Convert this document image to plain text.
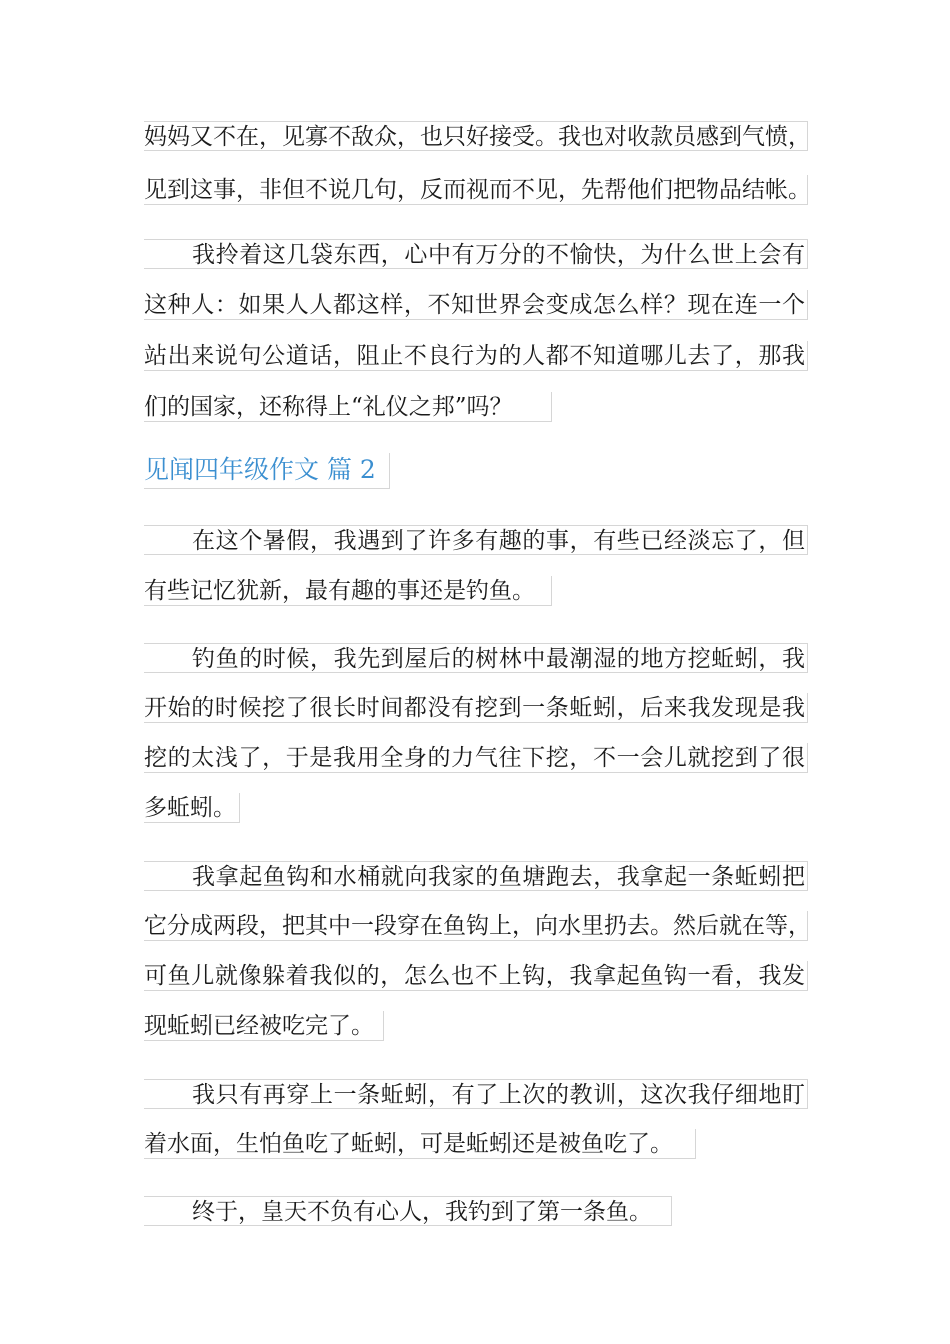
妈妈又不在，见寡不敌众，也只好接受。我也对收款员感到气愤，
见到这事，非但不说几句，反而视而不见，先帮他们把物品结帐。
我拎着这几袋东西，心中有万分的不愉快，为什么世上会有
这种人：如果人人都这样，不知世界会变成怎么样？现在连一个
站出来说句公道话，阻止不良行为的人都不知道哪儿去了，那我
们的国家，还称得上“礼仪之邦”吗？
见闻四年级作文 篇 2
在这个暑假，我遇到了许多有趣的事，有些已经淡忘了，但
有些记忆犹新，最有趣的事还是钓鱼。
钓鱼的时候，我先到屋后的树林中最潮湿的地方挖蚯蚓，我
开始的时候挖了很长时间都没有挖到一条蚯蚓，后来我发现是我
挖的太浅了，于是我用全身的力气往下挖，不一会儿就挖到了很
多蚯蚓。
我拿起鱼钩和水桶就向我家的鱼塘跑去，我拿起一条蚯蚓把
它分成两段，把其中一段穿在鱼钩上，向水里扔去。然后就在等，
可鱼儿就像躲着我似的，怎么也不上钩，我拿起鱼钩一看，我发
现蚯蚓已经被吃完了。
我只有再穿上一条蚯蚓，有了上次的教训，这次我仔细地盯
着水面，生怕鱼吃了蚯蚓，可是蚯蚓还是被鱼吃了。
终于，皇天不负有心人，我钓到了第一条鱼。
